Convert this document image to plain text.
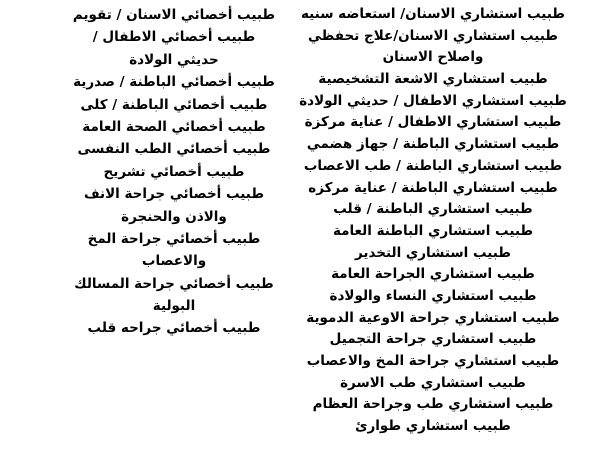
طبيب استشاري الاسنان/ استعاضه سنيه
طبيب استشاري الاسنان/علاج تحفظي
واصلاح الاسنان
طبيب استشاري الاشعة التشخيصية
طبيب استشاري الاطفال / حديثي الولادة
طبيب استشاري الاطفال / عناية مركزة
طبيب استشاري الباطنة / جهاز هضمي
طبيب استشاري الباطنة / طب الاعصاب
طبيب استشاري الباطنة / عناية مركزه
طبيب استشاري الباطنة / قلب
طبيب استشاري الباطنة العامة
طبيب استشاري التخدير
طبيب استشاري الجراحة العامة
طبيب استشاري النساء والولادة
طبيب استشاري جراحة الاوعية الدموية
طبيب استشاري جراحة التجميل
طبيب استشاري جراحة المخ والاعصاب
طبيب استشاري طب الاسرة
طبيب استشاري طب وجراحة العظام
طبيب استشاري طوارئ
طبيب أخصائي الاسنان / تقويم
طبيب أخصائي الاطفال /
حديثي الولادة
طبيب أخصائي الباطنة / صدرية
طبيب أخصائي الباطنة / كلى
طبيب أخصائي الصحة العامة
طبيب أخصائي الطب النفسى
طبيب أخصائي تشريح
طبيب أخصائي جراحة الانف
والاذن والحنجرة
طبيب أخصائي جراحة المخ
والاعصاب
طبيب أخصائي جراحة المسالك
البولية
طبيب أخصائي جراحه قلب
